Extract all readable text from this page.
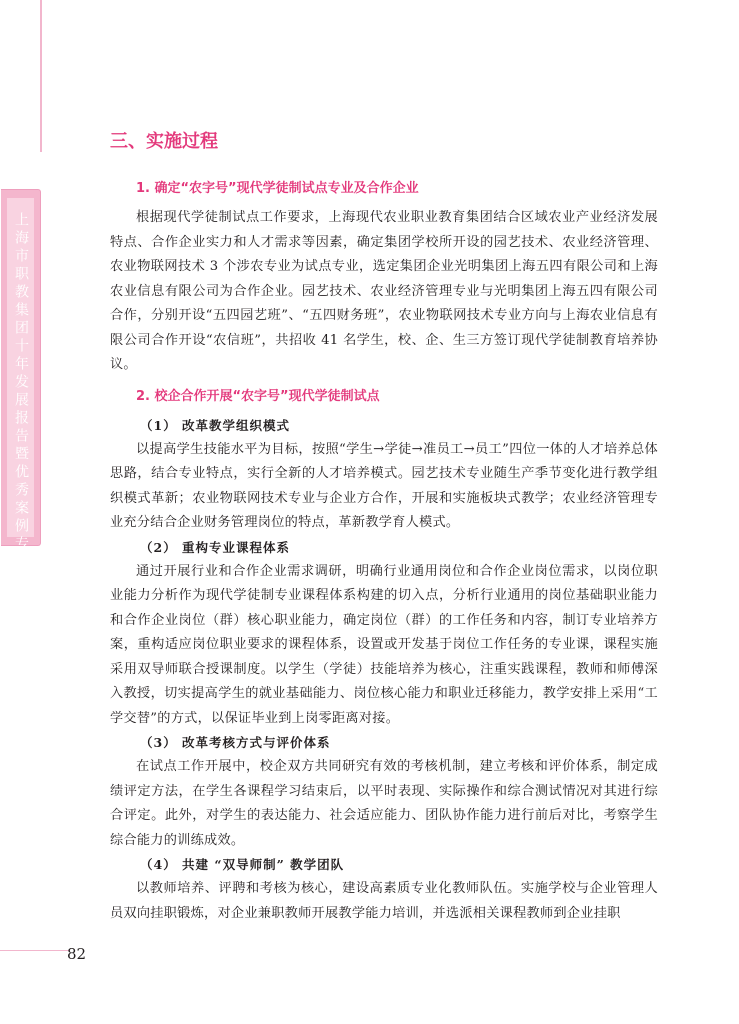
上海市职教集团十年发展报告暨优秀案例专辑
三、实施过程
1. 确定“农字号”现代学徒制试点专业及合作企业

根据现代学徒制试点工作要求，上海现代农业职业教育集团结合区域农业产业经济发展特点、合作企业实力和人才需求等因素，确定集团学校所开设的园艺技术、农业经济管理、农业物联网技术 3 个涉农专业为试点专业，选定集团企业光明集团上海五四有限公司和上海农业信息有限公司为合作企业。园艺技术、农业经济管理专业与光明集团上海五四有限公司合作，分别开设“五四园艺班”、“五四财务班”，农业物联网技术专业方向与上海农业信息有限公司合作开设“农信班”，共招收 41 名学生，校、企、生三方签订现代学徒制教育培养协议。

2. 校企合作开展“农字号”现代学徒制试点
（1） 改革教学组织模式

以提高学生技能水平为目标，按照“学生→学徒→准员工→员工”四位一体的人才培养总体思路，结合专业特点，实行全新的人才培养模式。园艺技术专业随生产季节变化进行教学组织模式革新；农业物联网技术专业与企业方合作，开展和实施板块式教学；农业经济管理专业充分结合企业财务管理岗位的特点，革新教学育人模式。

（2） 重构专业课程体系

通过开展行业和合作企业需求调研，明确行业通用岗位和合作企业岗位需求，以岗位职业能力分析作为现代学徒制专业课程体系构建的切入点，分析行业通用的岗位基础职业能力和合作企业岗位（群）核心职业能力，确定岗位（群）的工作任务和内容，制订专业培养方案，重构适应岗位职业要求的课程体系，设置或开发基于岗位工作任务的专业课，课程实施采用双导师联合授课制度。以学生（学徒）技能培养为核心，注重实践课程，教师和师傅深入教授，切实提高学生的就业基础能力、岗位核心能力和职业迁移能力，教学安排上采用“工学交替”的方式，以保证毕业到上岗零距离对接。

（3） 改革考核方式与评价体系

在试点工作开展中，校企双方共同研究有效的考核机制，建立考核和评价体系，制定成绩评定方法，在学生各课程学习结束后，以平时表现、实际操作和综合测试情况对其进行综合评定。此外，对学生的表达能力、社会适应能力、团队协作能力进行前后对比，考察学生综合能力的训练成效。

（4） 共建 “双导师制” 教学团队

以教师培养、评聘和考核为核心，建设高素质专业化教师队伍。实施学校与企业管理人员双向挂职锻炼，对企业兼职教师开展教学能力培训，并选派相关课程教师到企业挂职

82
